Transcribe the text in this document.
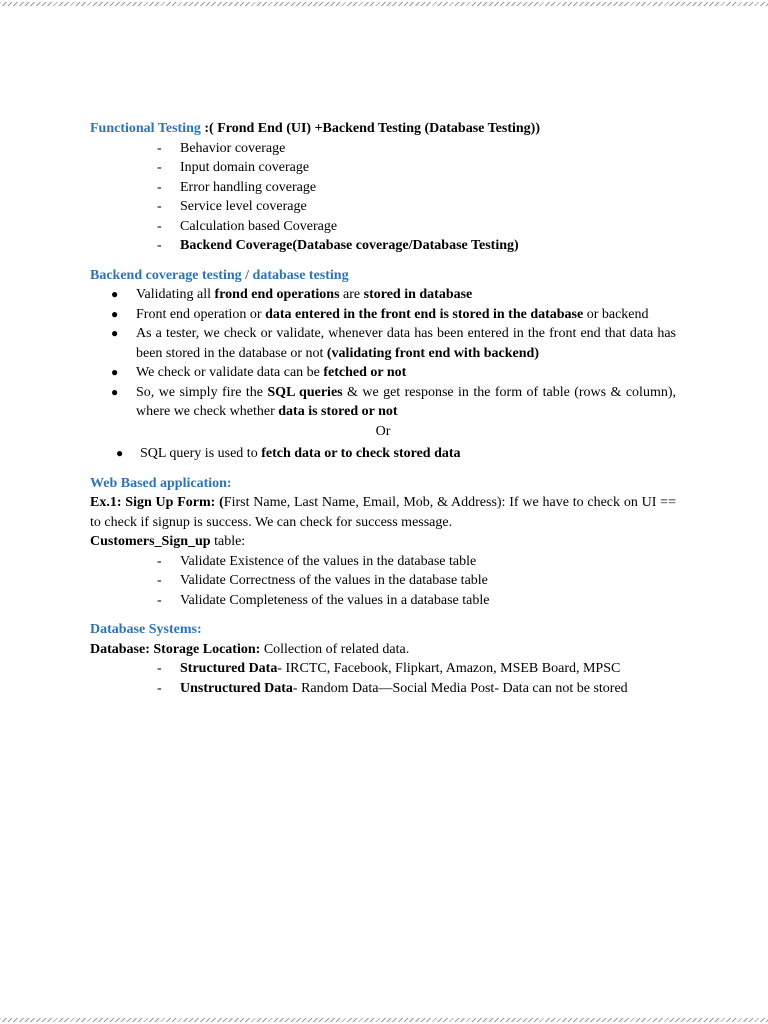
Functional Testing :( Frond End (UI) +Backend Testing (Database Testing))

- Behavior coverage
- Input domain coverage
- Error handling coverage
- Service level coverage
- Calculation based Coverage
- Backend Coverage(Database coverage/Database Testing)

Backend coverage testing / database testing

● Validating all frond end operations are stored in database
● Front end operation or data entered in the front end is stored in the database or backend
● As a tester, we check or validate, whenever data has been entered in the front end that data has been stored in the database or not (validating front end with backend)
● We check or validate data can be fetched or not
● So, we simply fire the SQL queries & we get response in the form of table (rows & column), where we check whether data is stored or not

Or

● SQL query is used to fetch data or to check stored data

Web Based application:

Ex.1: Sign Up Form: (First Name, Last Name, Email, Mob, & Address): If we have to check on UI == to check if signup is success. We can check for success message.

Customers_Sign_up table:

- Validate Existence of the values in the database table
- Validate Correctness of the values in the database table
- Validate Completeness of the values in a database table

Database Systems:

Database: Storage Location: Collection of related data.

- Structured Data- IRCTC, Facebook, Flipkart, Amazon, MSEB Board, MPSC
- Unstructured Data- Random Data—Social Media Post- Data can not be stored
